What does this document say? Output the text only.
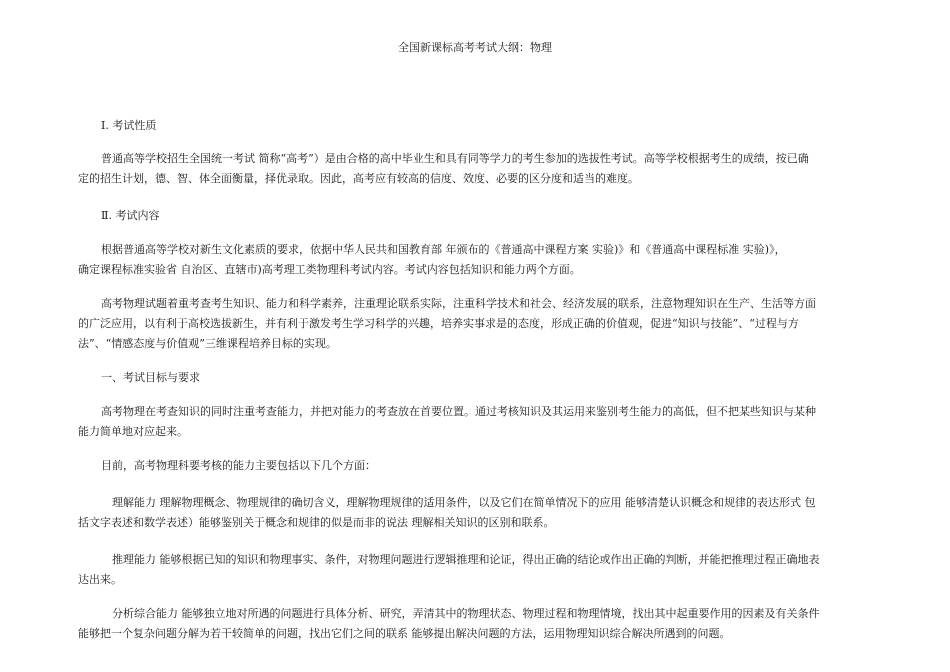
全国新课标高考考试大纲：物理
Ⅰ. 考试性质
普通高等学校招生全国统一考试 简称“高考”）是由合格的高中毕业生和具有同等学力的考生参加的选拔性考试。高等学校根据考生的成绩，按已确
定的招生计划，德、智、体全面衡量，择优录取。因此，高考应有较高的信度、效度、必要的区分度和适当的难度。
Ⅱ. 考试内容
根据普通高等学校对新生文化素质的要求，依据中华人民共和国教育部 年颁布的《普通高中课程方案 实验)》和《普通高中课程标准 实验)》，
确定课程标准实验省 自治区、直辖市)高考理工类物理科考试内容。考试内容包括知识和能力两个方面。
高考物理试题着重考查考生知识、能力和科学素养，注重理论联系实际，注重科学技术和社会、经济发展的联系，注意物理知识在生产、生活等方面
的广泛应用，以有利于高校选拔新生，并有利于激发考生学习科学的兴趣，培养实事求是的态度，形成正确的价值观，促进“知识与技能”、“过程与方
法”、“情感态度与价值观”三维课程培养目标的实现。
一、考试目标与要求
高考物理在考查知识的同时注重考查能力，并把对能力的考查放在首要位置。通过考核知识及其运用来鉴别考生能力的高低，但不把某些知识与某种
能力简单地对应起来。
目前，高考物理科要考核的能力主要包括以下几个方面：
理解能力 理解物理概念、物理规律的确切含义，理解物理规律的适用条件，以及它们在简单情况下的应用 能够清楚认识概念和规律的表达形式 包
括文字表述和数学表述）能够鉴别关于概念和规律的似是而非的说法 理解相关知识的区别和联系。
推理能力 能够根据已知的知识和物理事实、条件，对物理问题进行逻辑推理和论证，得出正确的结论或作出正确的判断，并能把推理过程正确地表
达出来。
分析综合能力 能够独立地对所遇的问题进行具体分析、研究，弄清其中的物理状态、物理过程和物理情境，找出其中起重要作用的因素及有关条件
能够把一个复杂问题分解为若干较简单的问题，找出它们之间的联系 能够提出解决问题的方法，运用物理知识综合解决所遇到的问题。
